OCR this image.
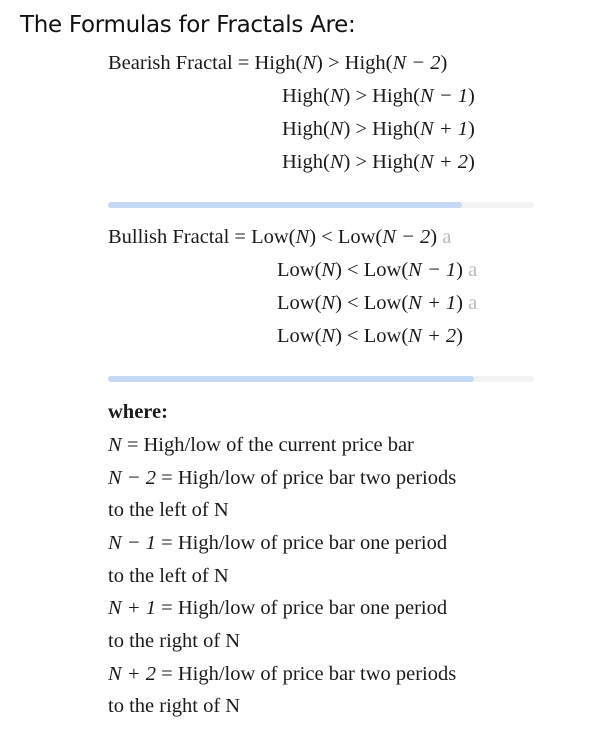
The Formulas for Fractals Are:
Bearish Fractal = High(N) > High(N − 2)
High(N) > High(N − 1)
High(N) > High(N + 1)
High(N) > High(N + 2)
Bullish Fractal = Low(N) < Low(N − 2) a
Low(N) < Low(N − 1) a
Low(N) < Low(N + 1) a
Low(N) < Low(N + 2)
where:
N = High/low of the current price bar
N − 2 = High/low of price bar two periods
to the left of N
N − 1 = High/low of price bar one period
to the left of N
N + 1 = High/low of price bar one period
to the right of N
N + 2 = High/low of price bar two periods
to the right of N
